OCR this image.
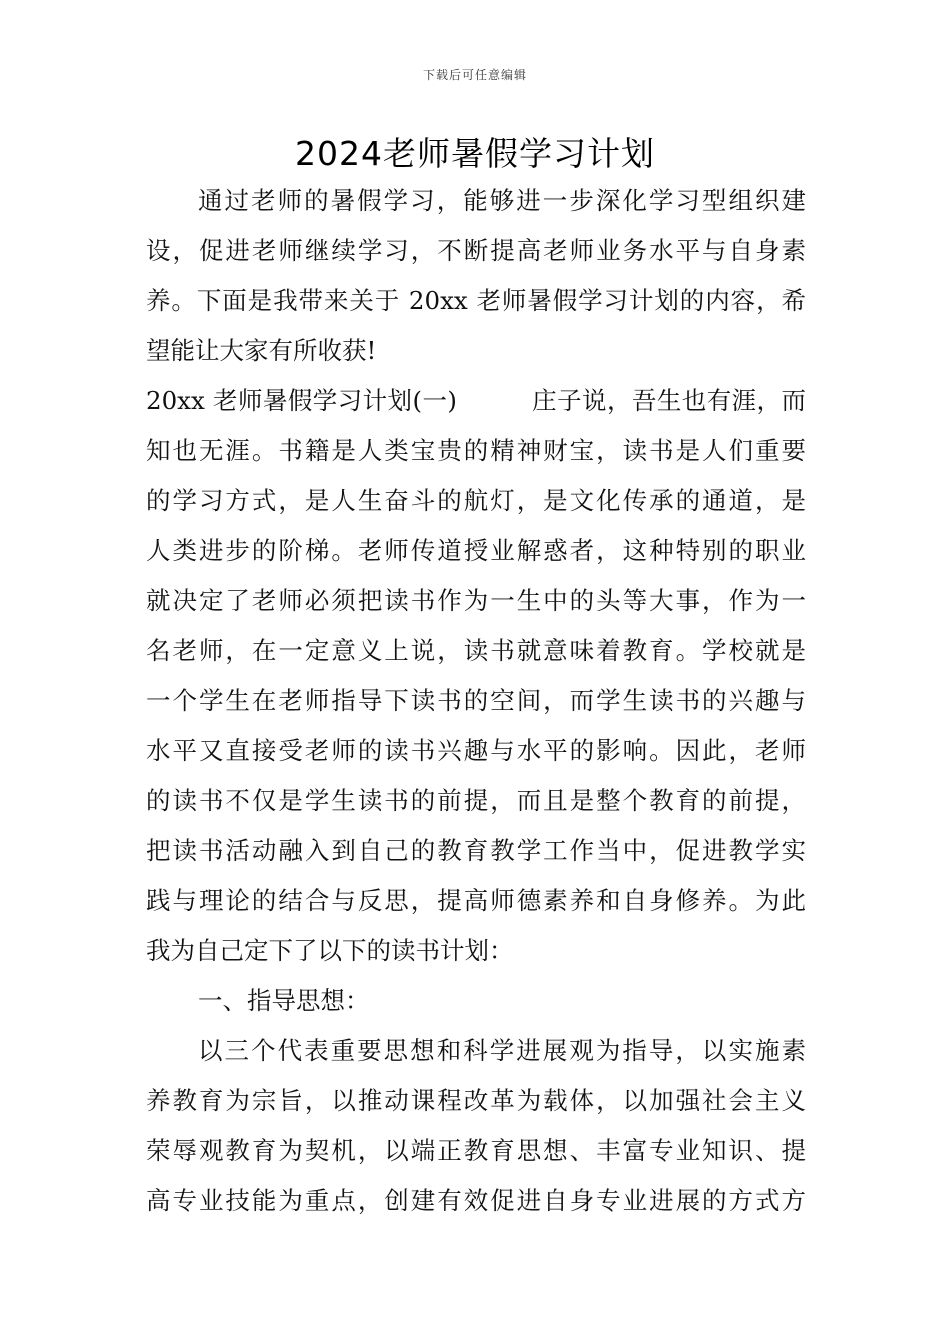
下载后可任意编辑
2024老师暑假学习计划
通过老师的暑假学习，能够进一步深化学习型组织建
设，促进老师继续学习，不断提高老师业务水平与自身素
养。下面是我带来关于 20xx 老师暑假学习计划的内容，希
望能让大家有所收获!
20xx 老师暑假学习计划(一)　　　庄子说，吾生也有涯，而
知也无涯。书籍是人类宝贵的精神财宝，读书是人们重要
的学习方式，是人生奋斗的航灯，是文化传承的通道，是
人类进步的阶梯。老师传道授业解惑者，这种特别的职业
就决定了老师必须把读书作为一生中的头等大事，作为一
名老师，在一定意义上说，读书就意味着教育。学校就是
一个学生在老师指导下读书的空间，而学生读书的兴趣与
水平又直接受老师的读书兴趣与水平的影响。因此，老师
的读书不仅是学生读书的前提，而且是整个教育的前提，
把读书活动融入到自己的教育教学工作当中，促进教学实
践与理论的结合与反思，提高师德素养和自身修养。为此
我为自己定下了以下的读书计划：
一、指导思想：
以三个代表重要思想和科学进展观为指导，以实施素
养教育为宗旨，以推动课程改革为载体，以加强社会主义
荣辱观教育为契机，以端正教育思想、丰富专业知识、提
高专业技能为重点，创建有效促进自身专业进展的方式方
